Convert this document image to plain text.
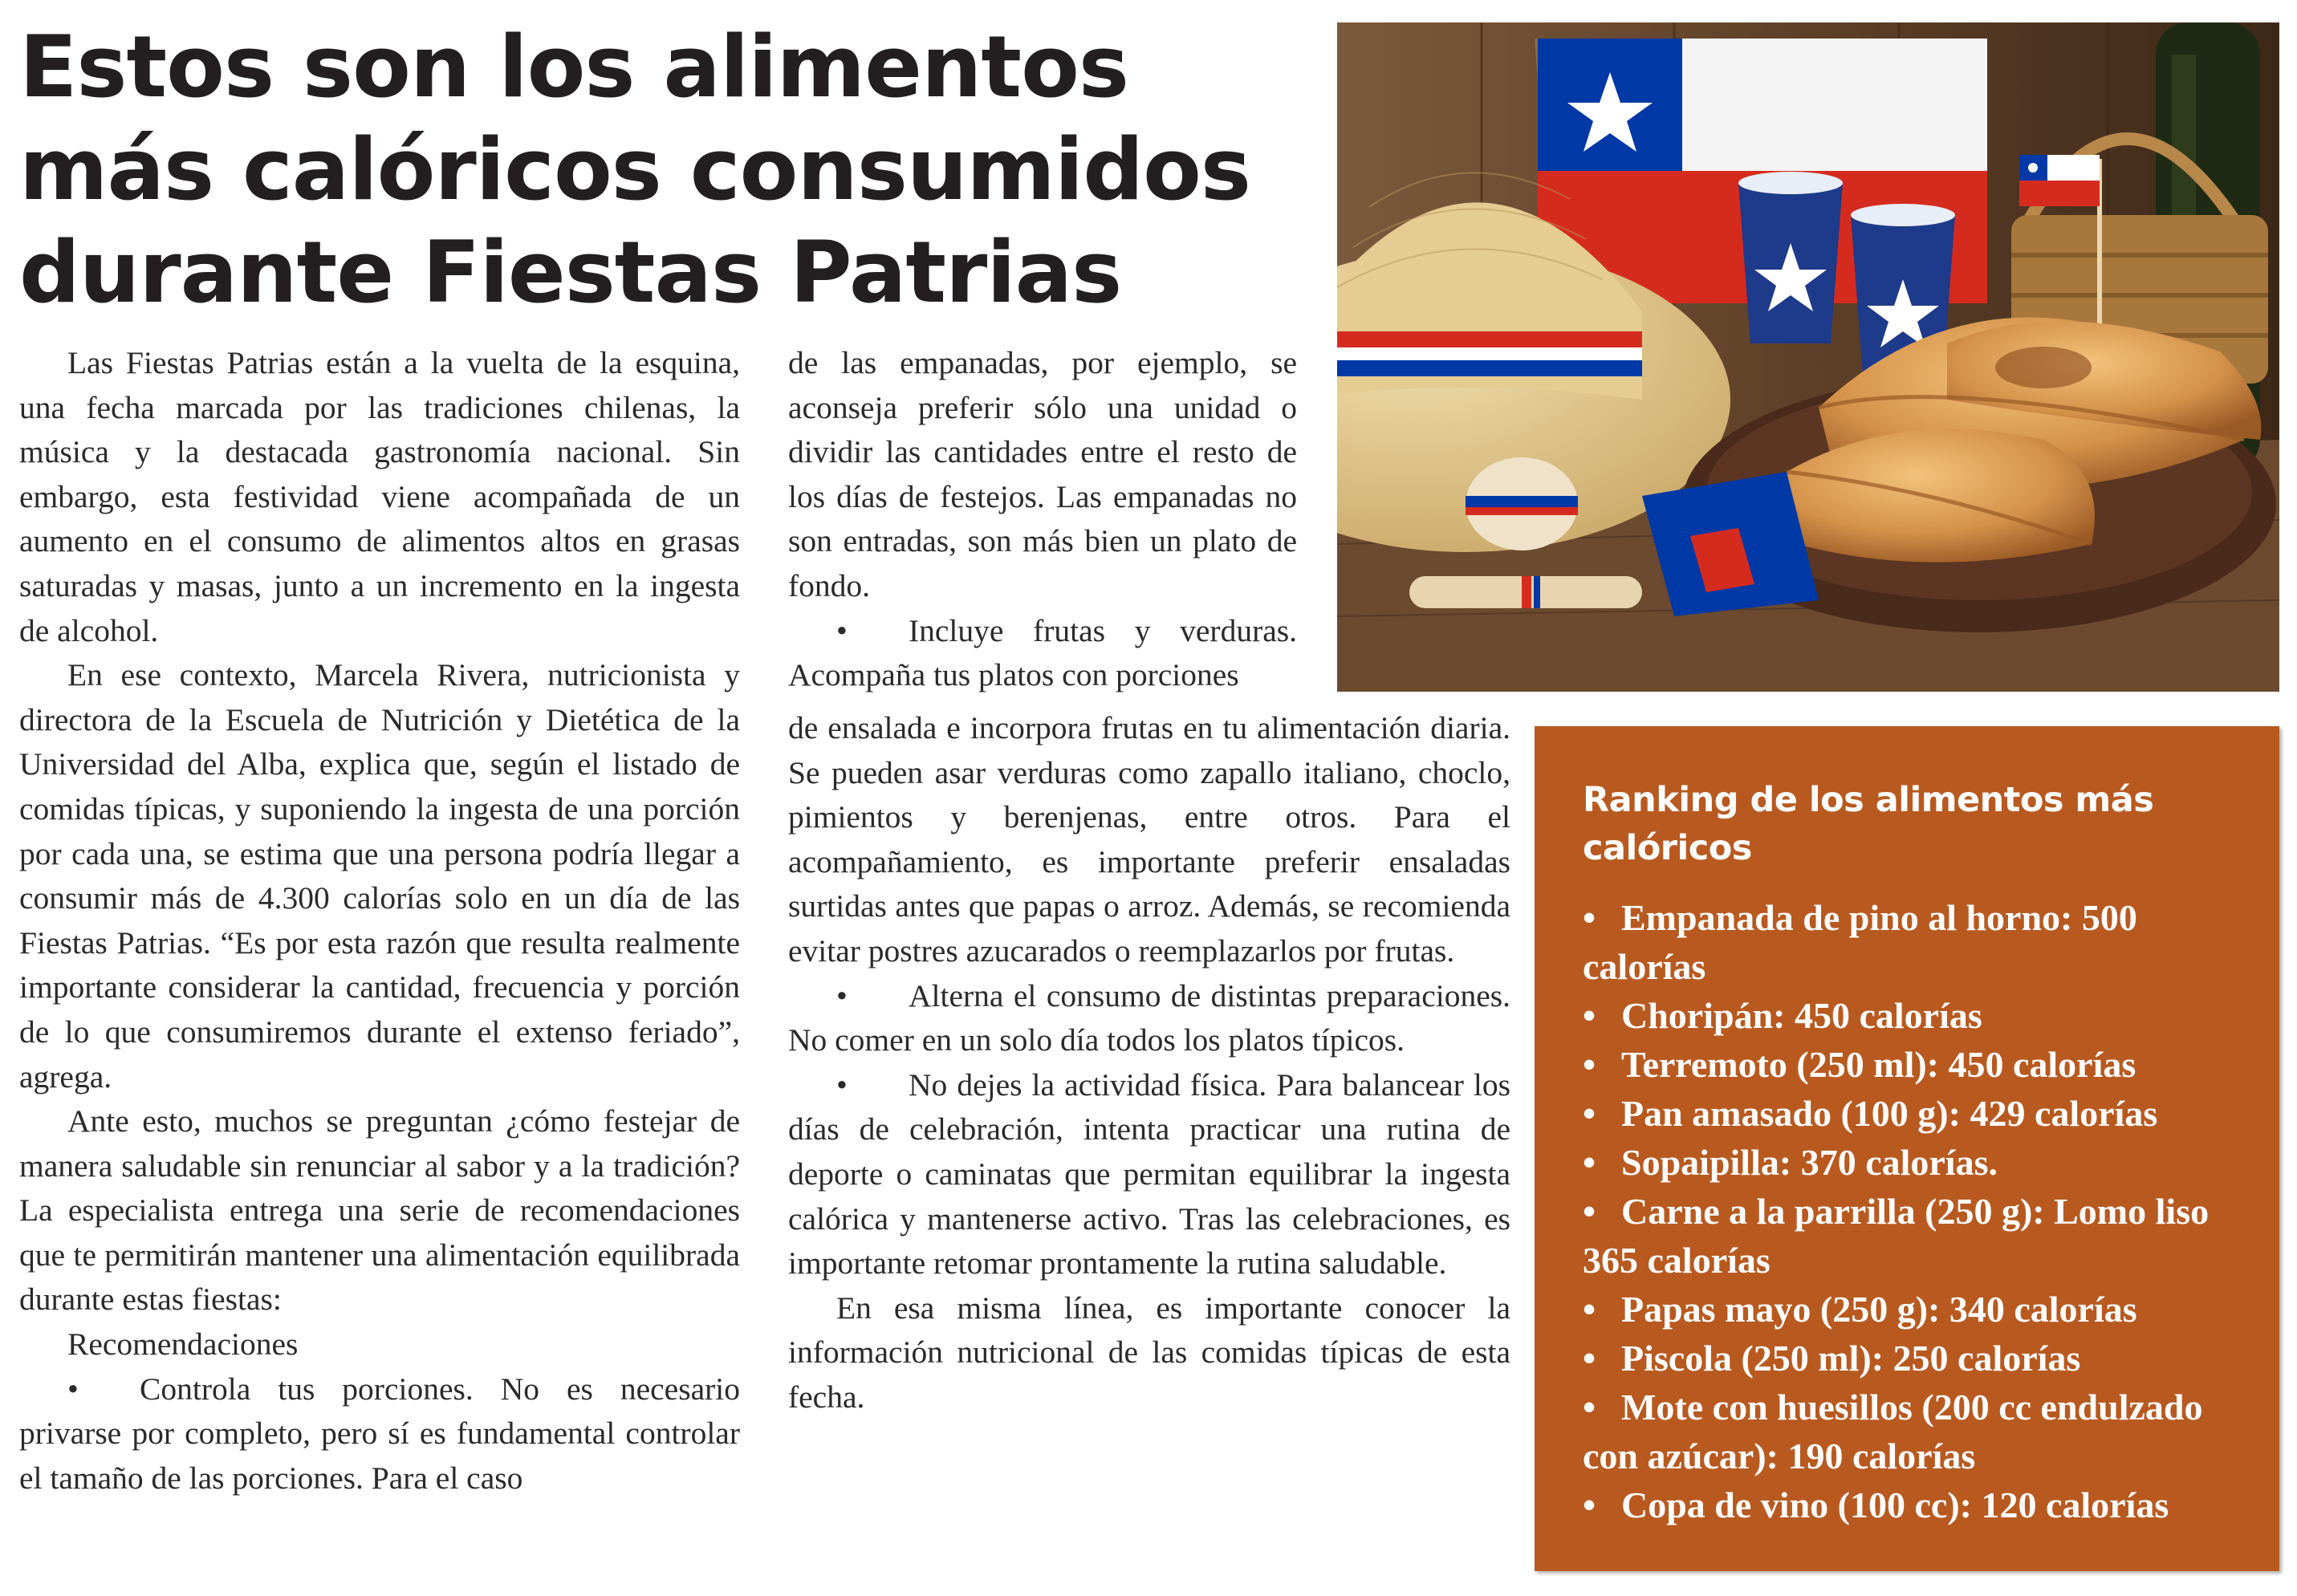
Estos son los alimentos
más calóricos consumidos
durante Fiestas Patrias

Las Fiestas Patrias están a la vuelta de la esquina, una fecha marcada por las tradiciones chilenas, la música y la destacada gastronomía nacional. Sin embargo, esta festividad viene acompañada de un aumento en el consumo de alimentos altos en grasas saturadas y masas, junto a un incremento en la ingesta de alcohol.

En ese contexto, Marcela Rivera, nutricionista y directora de la Escuela de Nutrición y Dietética de la Universidad del Alba, explica que, según el listado de comidas típicas, y suponiendo la ingesta de una porción por cada una, se estima que una persona podría llegar a consumir más de 4.300 calorías solo en un día de las Fiestas Patrias. “Es por esta razón que resulta realmente importante considerar la cantidad, frecuencia y porción de lo que consumiremos durante el extenso feriado”, agrega.

Ante esto, muchos se preguntan ¿cómo festejar de manera saludable sin renunciar al sabor y a la tradición? La especialista entrega una serie de recomendaciones que te permitirán mantener una alimentación equilibrada durante estas fiestas:

Recomendaciones

• Controla tus porciones. No es necesario privarse por completo, pero sí es fundamental controlar el tamaño de las porciones. Para el caso

de las empanadas, por ejemplo, se aconseja preferir sólo una unidad o dividir las cantidades entre el resto de los días de festejos. Las empanadas no son entradas, son más bien un plato de fondo.

• Incluye frutas y verduras. Acompaña tus platos con porciones

de ensalada e incorpora frutas en tu alimentación diaria. Se pueden asar verduras como zapallo italiano, choclo, pimientos y berenjenas, entre otros. Para el acompañamiento, es importante preferir ensaladas surtidas antes que papas o arroz. Además, se recomienda evitar postres azucarados o reemplazarlos por frutas.

• Alterna el consumo de distintas preparaciones. No comer en un solo día todos los platos típicos.

• No dejes la actividad física. Para balancear los días de celebración, intenta practicar una rutina de deporte o caminatas que permitan equilibrar la ingesta calórica y mantenerse activo. Tras las celebraciones, es importante retomar prontamente la rutina saludable.

En esa misma línea, es importante conocer la información nutricional de las comidas típicas de esta fecha.

Ranking de los alimentos más calóricos
• Empanada de pino al horno: 500 calorías
• Choripán: 450 calorías
• Terremoto (250 ml): 450 calorías
• Pan amasado (100 g): 429 calorías
• Sopaipilla: 370 calorías.
• Carne a la parrilla (250 g): Lomo liso 365 calorías
• Papas mayo (250 g): 340 calorías
• Piscola (250 ml): 250 calorías
• Mote con huesillos (200 cc endulzado con azúcar): 190 calorías
• Copa de vino (100 cc): 120 calorías
